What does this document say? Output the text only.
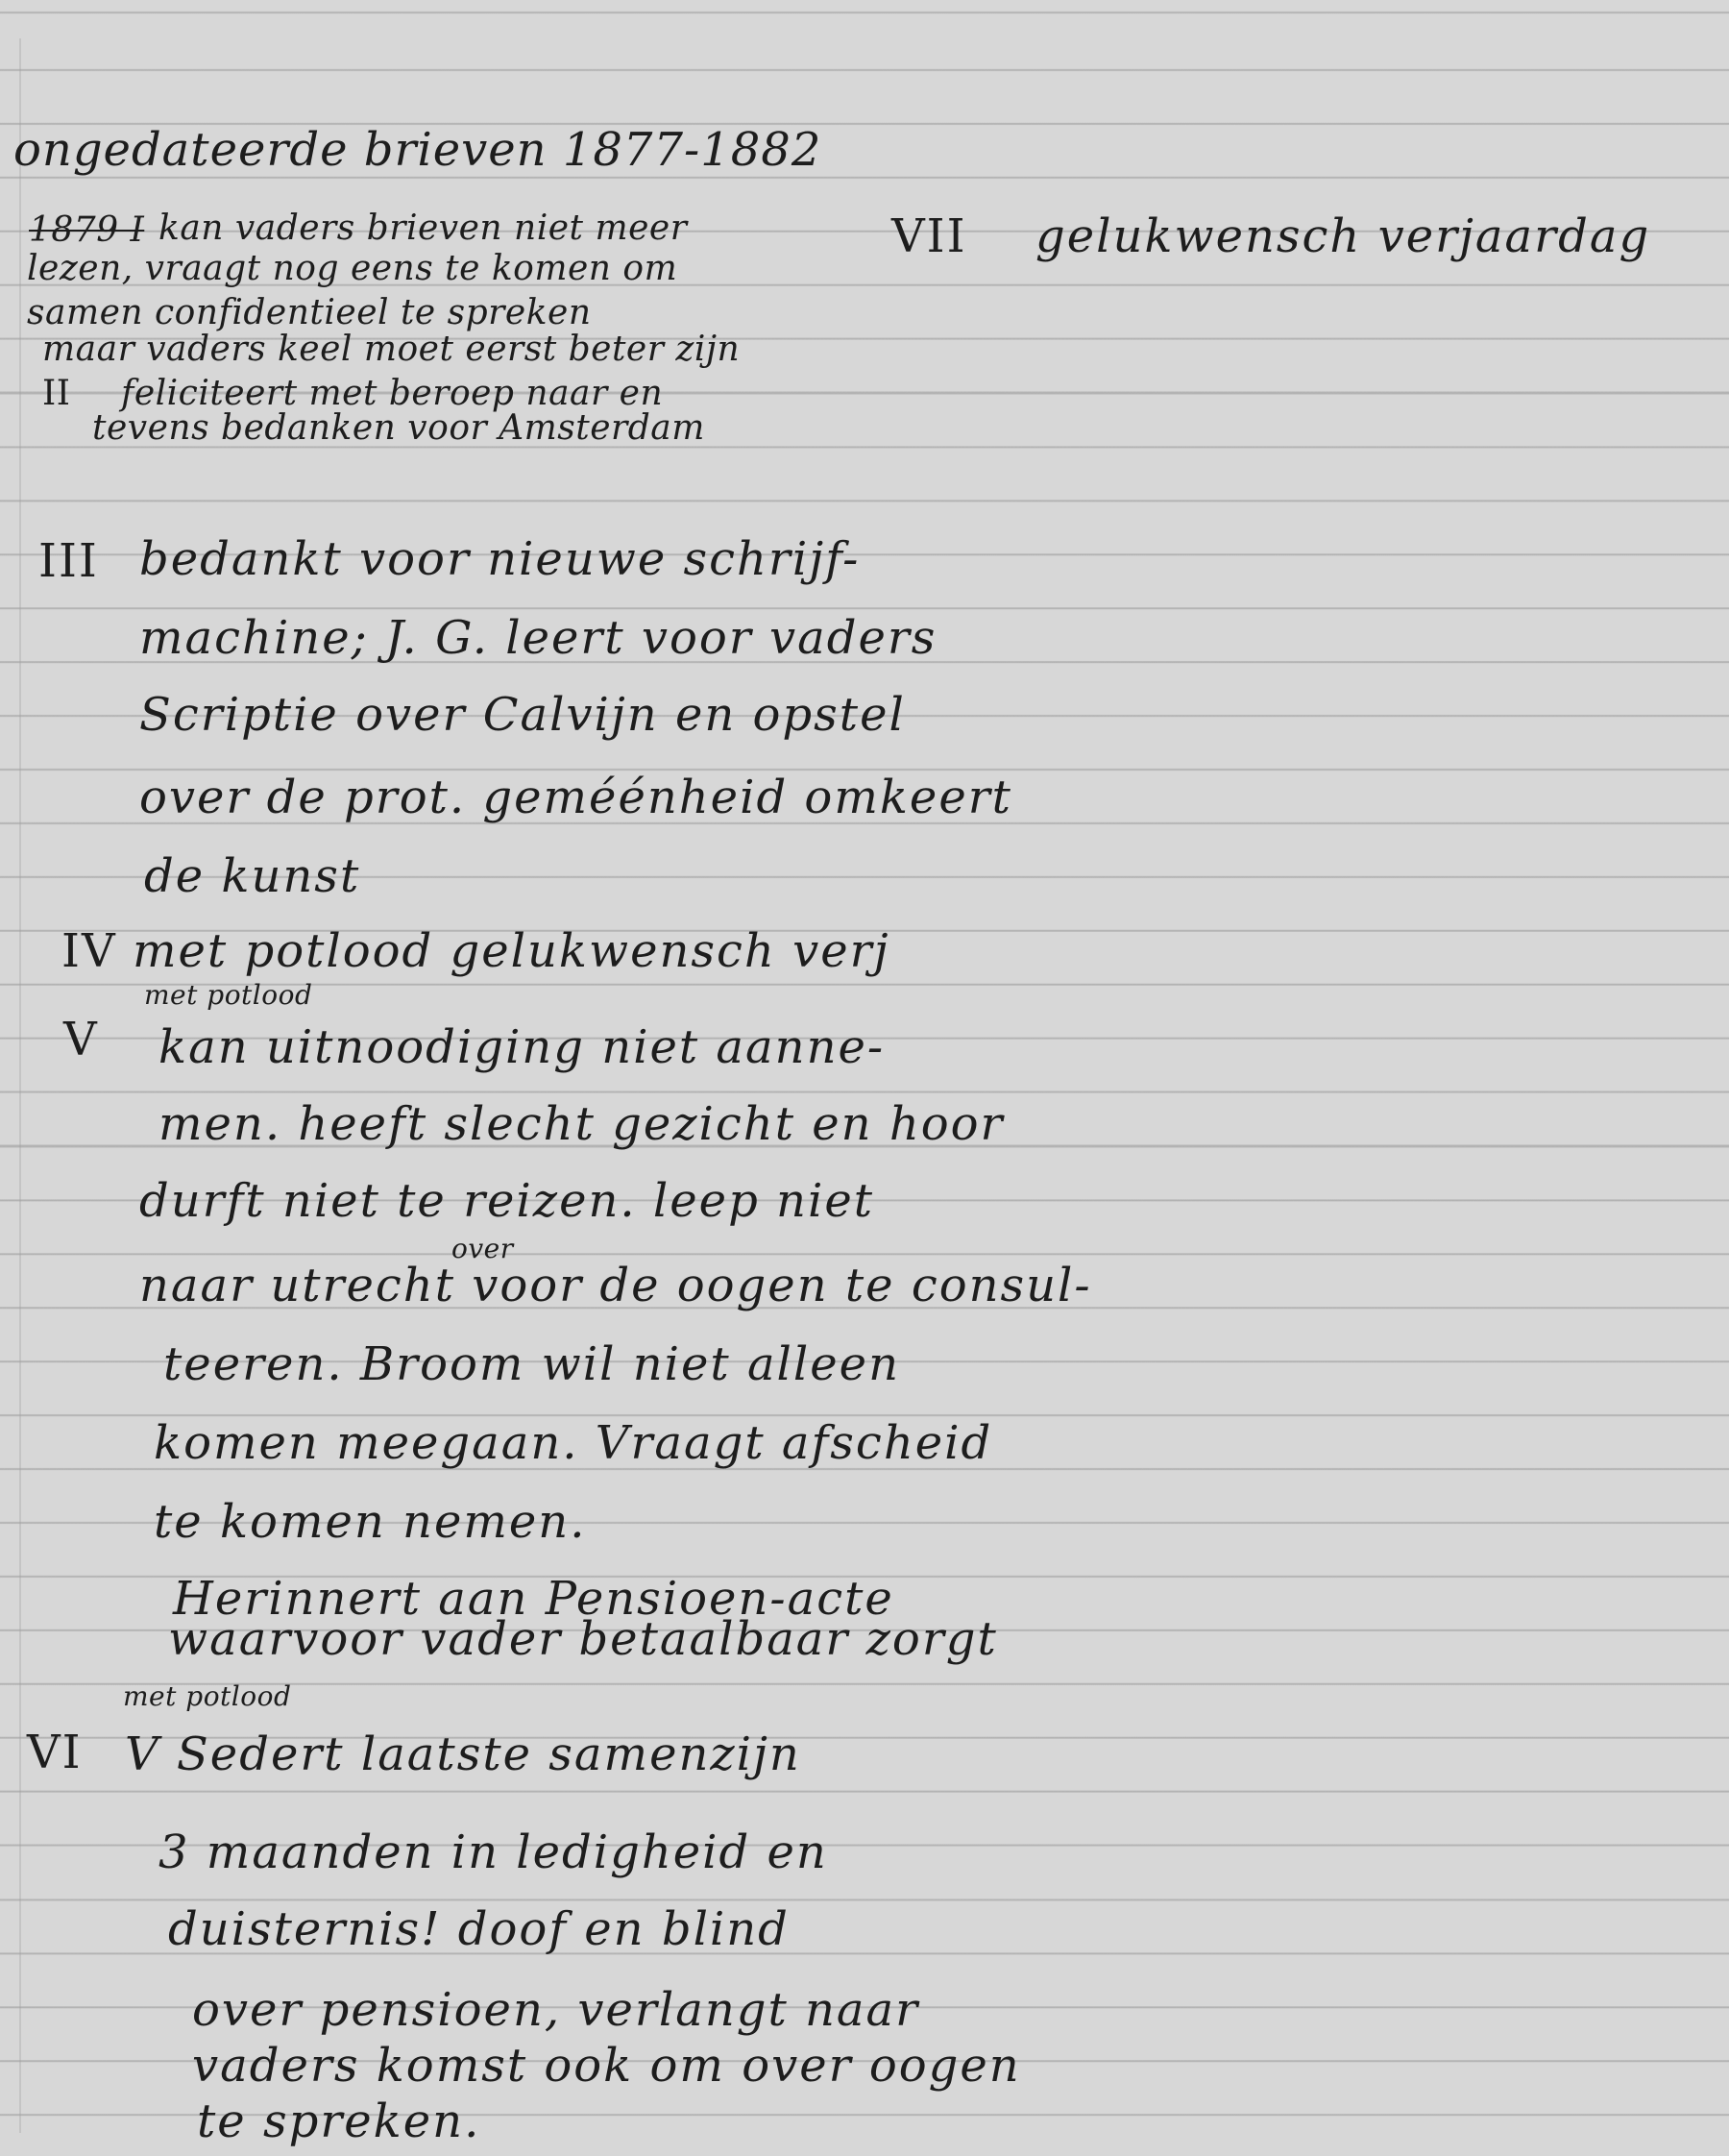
ongedateerde brieven 1877-1882

1879 I kan vaders brieven niet meer

lezen, vraagt nog eens te komen om

samen confidentieel te spreken

maar vaders keel moet eerst beter zijn

II feliciteert met beroep naar en

tevens bedanken voor Amsterdam

III bedankt voor nieuwe schrijf-

machine; J. G. leert voor vaders

Scriptie over Calvijn en opstel

over de prot. geméénheid omkeert

de kunst

IV met potlood gelukwensch verj

met potlood

V kan uitnoodiging niet aanne-

men. heeft slecht gezicht en hoor

durft niet te reizen. leep niet

over

naar utrecht voor de oogen te consul-

teeren. Broom wil niet alleen

komen meegaan. Vraagt afscheid

te komen nemen.

Herinnert aan Pensioen-acte

waarvoor vader betaalbaar zorgt

met potlood

VI V Sedert laatste samenzijn

3 maanden in ledigheid en

duisternis! doof en blind

over pensioen, verlangt naar

vaders komst ook om over oogen

te spreken.

VII gelukwensch verjaardag
